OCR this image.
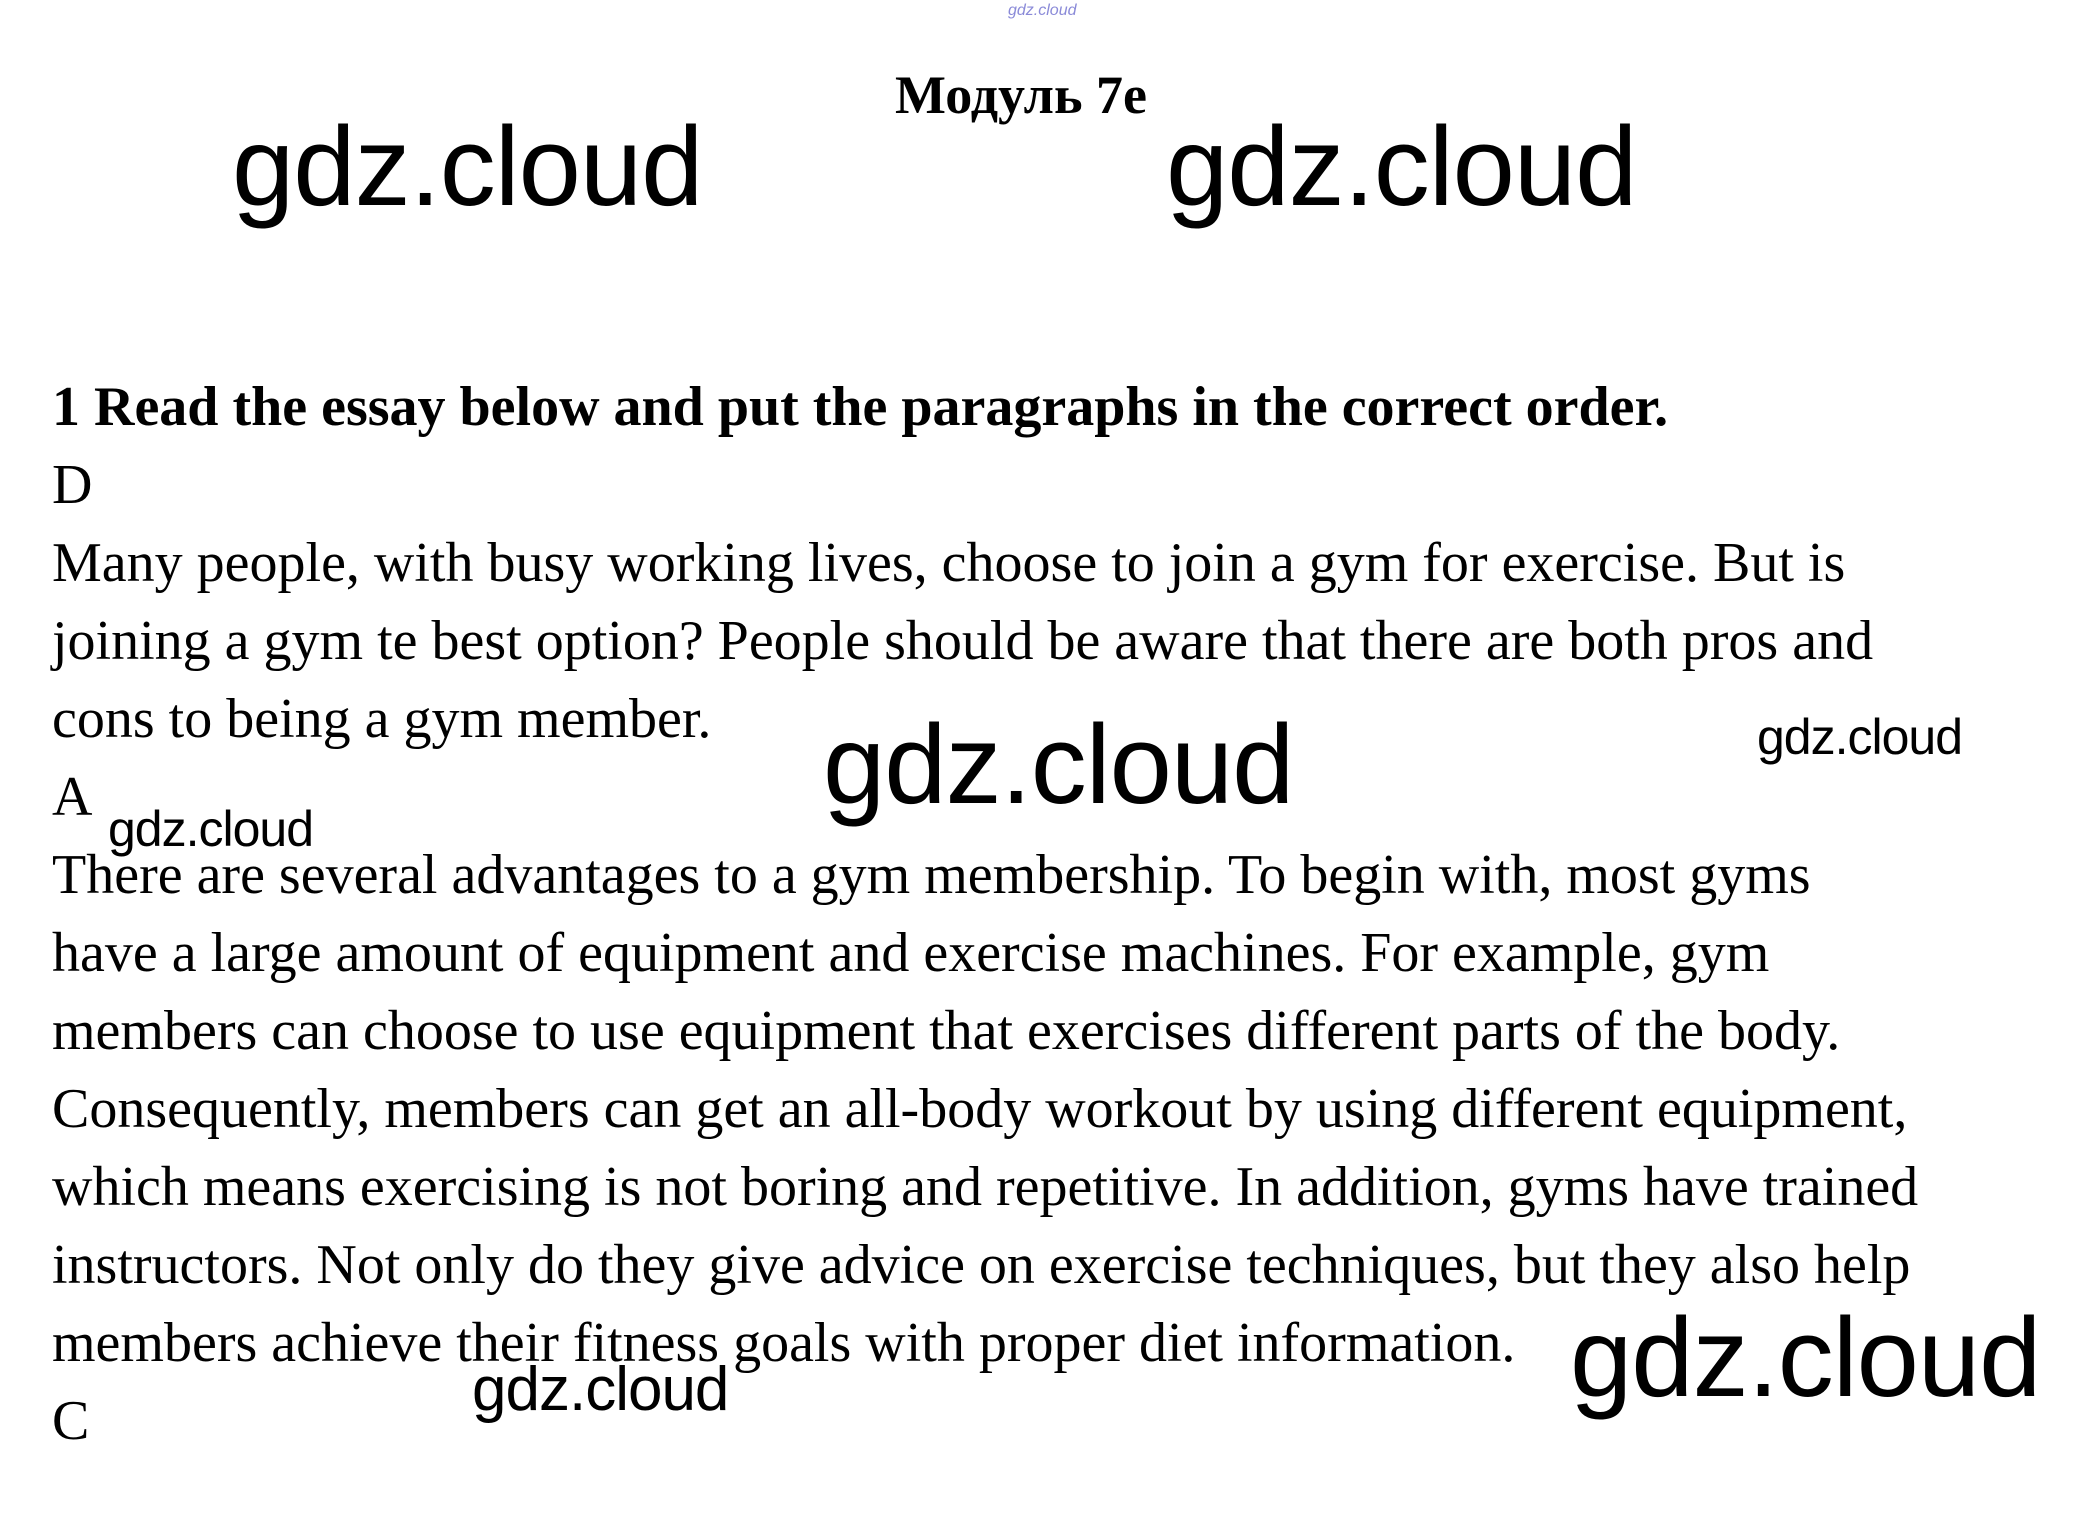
gdz.cloud
Модуль 7е
1 Read the essay below and put the paragraphs in the correct order.
D
Many people, with busy working lives, choose to join a gym for exercise. But is
joining a gym te best option? People should be aware that there are both pros and
cons to being a gym member.
A
There are several advantages to a gym membership. To begin with, most gyms
have a large amount of equipment and exercise machines. For example, gym
members can choose to use equipment that exercises different parts of the body.
Consequently, members can get an all-body workout by using different equipment,
which means exercising is not boring and repetitive. In addition, gyms have trained
instructors. Not only do they give advice on exercise techniques, but they also help
members achieve their fitness goals with proper diet information.
C
gdz.cloud	gdz.cloud
gdz.cloud	gdz.cloud
gdz.cloud
gdz.cloud
gdz.cloud
